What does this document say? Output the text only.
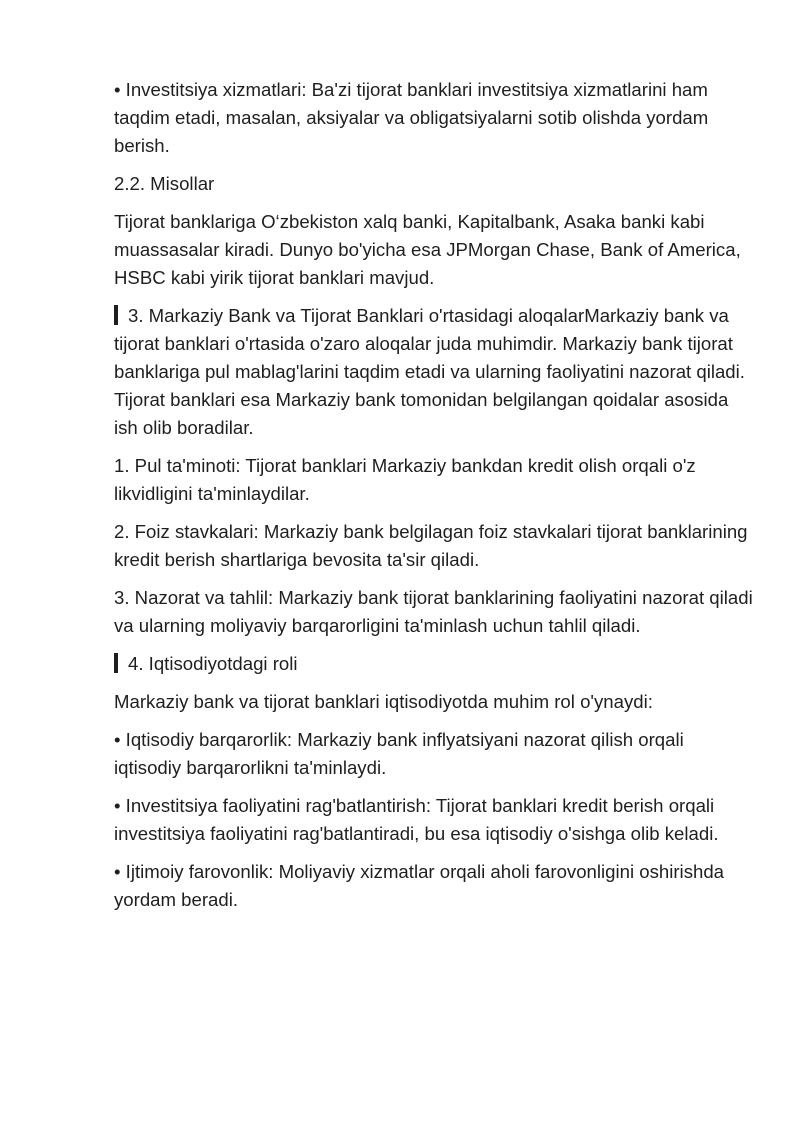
• Investitsiya xizmatlari: Ba'zi tijorat banklari investitsiya xizmatlarini ham taqdim etadi, masalan, aksiyalar va obligatsiyalarni sotib olishda yordam berish.

2.2. Misollar

Tijorat banklariga O‘zbekiston xalq banki, Kapitalbank, Asaka banki kabi muassasalar kiradi. Dunyo bo'yicha esa JPMorgan Chase, Bank of America, HSBC kabi yirik tijorat banklari mavjud.

3. Markaziy Bank va Tijorat Banklari o'rtasidagi aloqalarMarkaziy bank va tijorat banklari o'rtasida o'zaro aloqalar juda muhimdir. Markaziy bank tijorat banklariga pul mablag'larini taqdim etadi va ularning faoliyatini nazorat qiladi. Tijorat banklari esa Markaziy bank tomonidan belgilangan qoidalar asosida ish olib boradilar.

1. Pul ta'minoti: Tijorat banklari Markaziy bankdan kredit olish orqali o'z likvidligini ta'minlaydilar.

2. Foiz stavkalari: Markaziy bank belgilagan foiz stavkalari tijorat banklarining kredit berish shartlariga bevosita ta'sir qiladi.

3. Nazorat va tahlil: Markaziy bank tijorat banklarining faoliyatini nazorat qiladi va ularning moliyaviy barqarorligini ta'minlash uchun tahlil qiladi.

4. Iqtisodiyotdagi roli

Markaziy bank va tijorat banklari iqtisodiyotda muhim rol o'ynaydi:

• Iqtisodiy barqarorlik: Markaziy bank inflyatsiyani nazorat qilish orqali iqtisodiy barqarorlikni ta'minlaydi.

• Investitsiya faoliyatini rag'batlantirish: Tijorat banklari kredit berish orqali investitsiya faoliyatini rag'batlantiradi, bu esa iqtisodiy o'sishga olib keladi.

• Ijtimoiy farovonlik: Moliyaviy xizmatlar orqali aholi farovonligini oshirishda yordam beradi.
